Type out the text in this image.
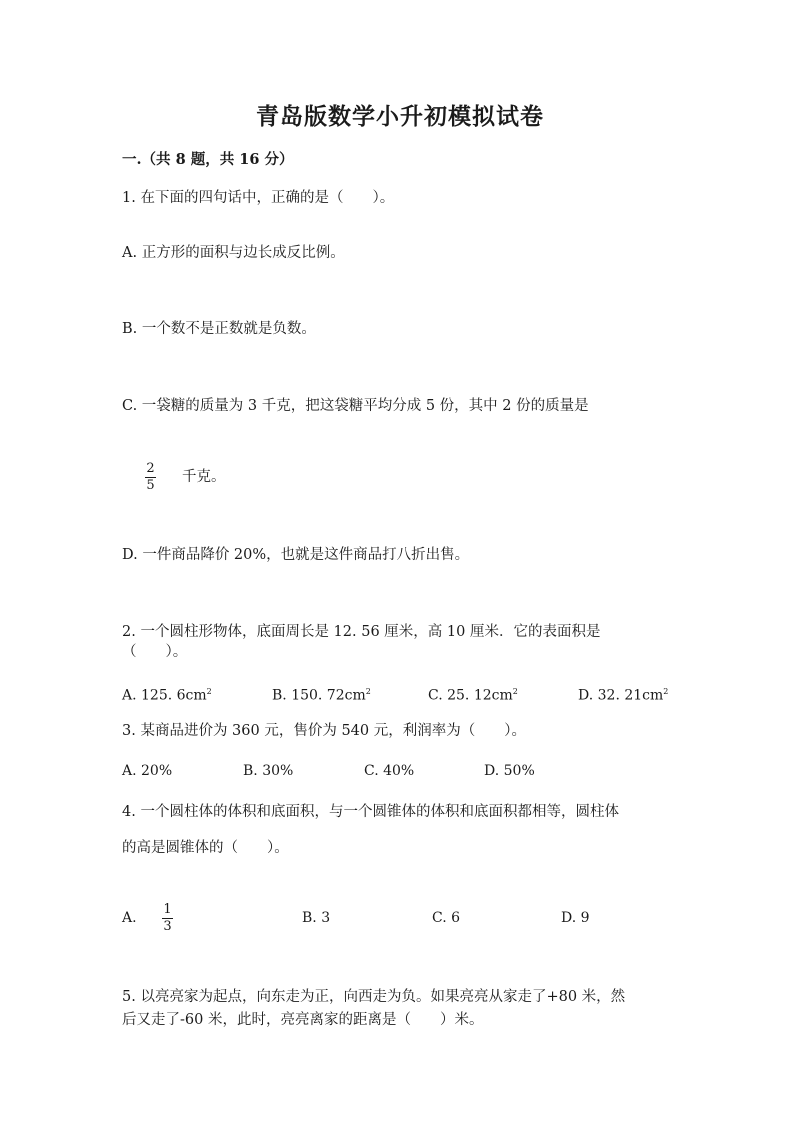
青岛版数学小升初模拟试卷
一.（共 8 题，共 16 分）
1. 在下面的四句话中，正确的是（　　）。
A. 正方形的面积与边长成反比例。
B. 一个数不是正数就是负数。
C. 一袋糖的质量为 3 千克，把这袋糖平均分成 5 份，其中 2 份的质量是
2
5
千克。
D. 一件商品降价 20%，也就是这件商品打八折出售。
2. 一个圆柱形物体，底面周长是 12. 56 厘米，高 10 厘米．它的表面积是
（　　）。
A. 125. $6cm^2$	B. 150. $72cm^2$	C. 25. $12cm^2$	D. 32. $21cm^2$
3. 某商品进价为 360 元，售价为 540 元，利润率为（　　）。
A. 20%	B. 30%	C. 40%	D. 50%
4. 一个圆柱体的体积和底面积，与一个圆锥体的体积和底面积都相等，圆柱体
的高是圆锥体的（　　）。
A.
1
3
B. 3	C. 6	D. 9
5. 以亮亮家为起点，向东走为正，向西走为负。如果亮亮从家走了+80 米，然
后又走了-60 米，此时，亮亮离家的距离是（　　）米。
